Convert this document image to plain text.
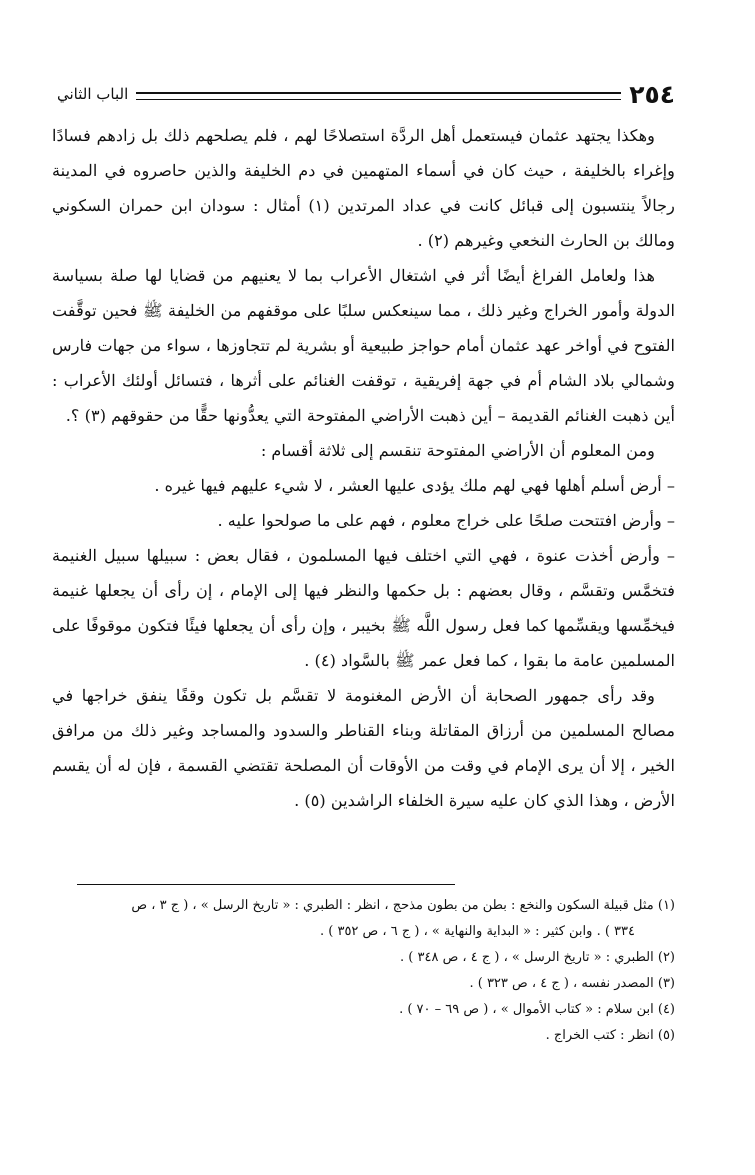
٢٥٤
الباب الثاني

وهكذا يجتهد عثمان فيستعمل أهل الردَّة استصلاحًا لهم ، فلم يصلحهم ذلك بل زادهم فسادًا وإغراء بالخليفة ، حيث كان في أسماء المتهمين في دم الخليفة والذين حاصروه في المدينة رجالاً ينتسبون إلى قبائل كانت في عداد المرتدين (١) أمثال : سودان ابن حمران السكوني ومالك بن الحارث النخعي وغيرهم (٢) .

هذا ولعامل الفراغ أيضًا أثر في اشتغال الأعراب بما لا يعنيهم من قضايا لها صلة بسياسة الدولة وأمور الخراج وغير ذلك ، مما سينعكس سلبًا على موقفهم من الخليفة ﷺ فحين توقَّفت الفتوح في أواخر عهد عثمان أمام حواجز طبيعية أو بشرية لم تتجاوزها ، سواء من جهات فارس وشمالي بلاد الشام أم في جهة إفريقية ، توقفت الغنائم على أثرها ، فتسائل أولئك الأعراب : أين ذهبت الغنائم القديمة – أين ذهبت الأراضي المفتوحة التي يعدُّونها حقًّا من حقوقهم (٣) ؟.

ومن المعلوم أن الأراضي المفتوحة تنقسم إلى ثلاثة أقسام :

– أرض أسلم أهلها فهي لهم ملك يؤدى عليها العشر ، لا شيء عليهم فيها غيره .

– وأرض افتتحت صلحًا على خراج معلوم ، فهم على ما صولحوا عليه .

– وأرض أخذت عنوة ، فهي التي اختلف فيها المسلمون ، فقال بعض : سبيلها سبيل الغنيمة فتخمَّس وتقسَّم ، وقال بعضهم : بل حكمها والنظر فيها إلى الإمام ، إن رأى أن يجعلها غنيمة فيخمِّسها ويقسِّمها كما فعل رسول اللَّه ﷺ بخيبر ، وإن رأى أن يجعلها فيئًا فتكون موقوفًا على المسلمين عامة ما بقوا ، كما فعل عمر ﷺ بالسَّواد (٤) .

وقد رأى جمهور الصحابة أن الأرض المغنومة لا تقسَّم بل تكون وقفًا ينفق خراجها في مصالح المسلمين من أرزاق المقاتلة وبناء القناطر والسدود والمساجد وغير ذلك من مرافق الخير ، إلا أن يرى الإمام في وقت من الأوقات أن المصلحة تقتضي القسمة ، فإن له أن يقسم الأرض ، وهذا الذي كان عليه سيرة الخلفاء الراشدين (٥) .

(١) مثل قبيلة السكون والنخع : بطن من بطون مذحج ، انظر : الطبري : « تاريخ الرسل » ، ( ج ٣ ، ص

٣٣٤ ) . وابن كثير : « البداية والنهاية » ، ( ج ٦ ، ص ٣٥٢ ) .

(٢) الطبري : « تاريخ الرسل » ، ( ج ٤ ، ص ٣٤٨ ) .

(٣) المصدر نفسه ، ( ج ٤ ، ص ٣٢٣ ) .

(٤) ابن سلام : « كتاب الأموال » ، ( ص ٦٩ – ٧٠ ) .

(٥) انظر : كتب الخراج .
